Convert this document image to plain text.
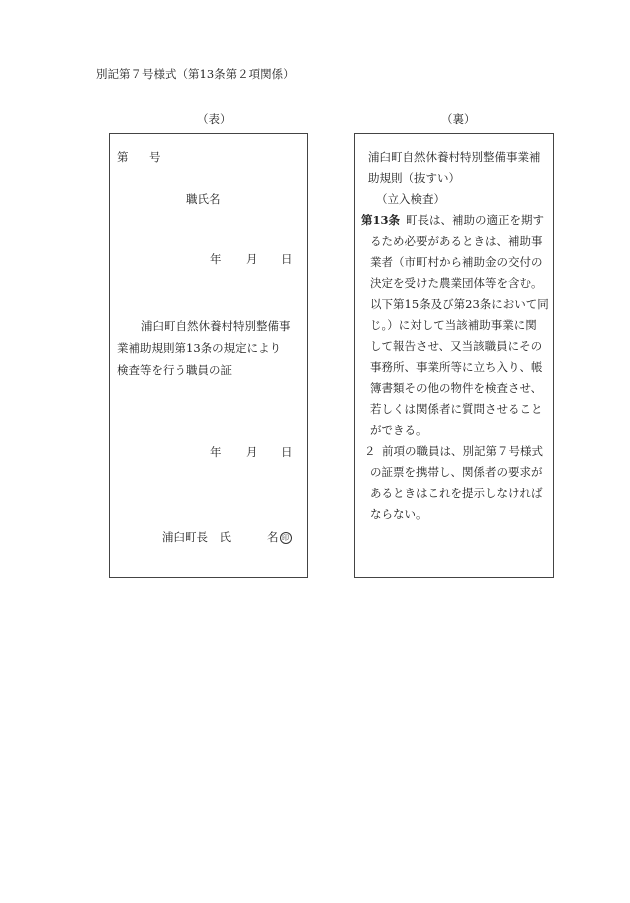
別記第７号様式（第13条第２項関係）
（表）	（裏）
第 号
職氏名
年 月 日
浦臼町自然休養村特別整備事
業補助規則第13条の規定により
検査等を行う職員の証
年 月 日
浦臼町長　氏	名 印
浦臼町自然休養村特別整備事業補
助規則（抜すい）
（立入検査）
第13条 町長は、補助の適正を期す
るため必要があるときは、補助事
業者（市町村から補助金の交付の
決定を受けた農業団体等を含む。
以下第15条及び第23条において同
じ。）に対して当該補助事業に関
して報告させ、又当該職員にその
事務所、事業所等に立ち入り、帳
簿書類その他の物件を検査させ、
若しくは関係者に質問させること
ができる。
２ 前項の職員は、別記第７号様式
の証票を携帯し、関係者の要求が
あるときはこれを提示しなければ
ならない。
